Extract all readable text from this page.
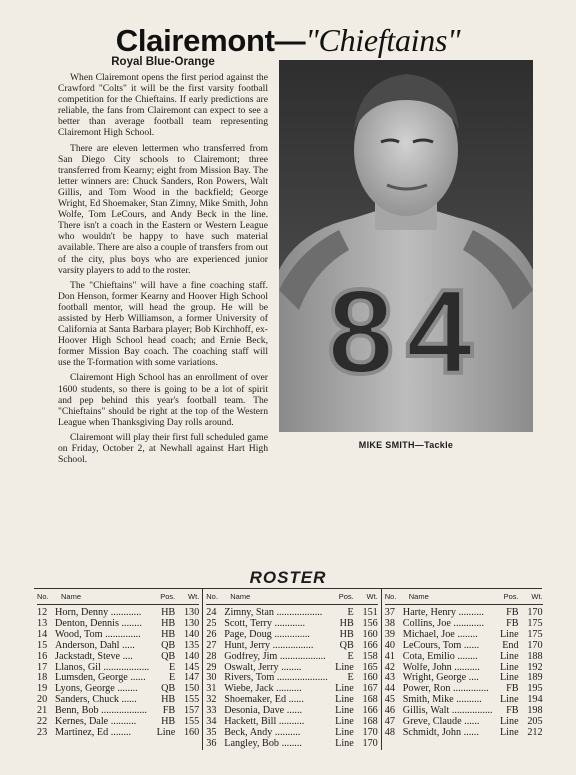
Clairemont—"Chieftains"
Royal Blue-Orange

When Clairemont opens the first period against the Crawford "Colts" it will be the first varsity football competition for the Chieftains. If early predictions are reliable, the fans from Clairemont can expect to see a better than average football team representing Clairemont High School.

There are eleven lettermen who transferred from San Diego City schools to Clairemont; three transferred from Kearny; eight from Mission Bay. The letter winners are: Chuck Sanders, Ron Powers, Walt Gillis, and Tom Wood in the backfield; George Wright, Ed Shoemaker, Stan Zimny, Mike Smith, John Wolfe, Tom LeCours, and Andy Beck in the line. There isn't a coach in the Eastern or Western League who wouldn't be happy to have such material available. There are also a couple of transfers from out of the city, plus boys who are experienced junior varsity players to add to the roster.

The "Chieftains" will have a fine coaching staff. Don Henson, former Kearny and Hoover High School football mentor, will head the group. He will be assisted by Herb Williamson, a former University of California at Santa Barbara player; Bob Kirchhoff, ex-Hoover High School head coach; and Ernie Beck, former Mission Bay coach. The coaching staff will use the T-formation with some variations.

Clairemont High School has an enrollment of over 1600 students, so there is going to be a lot of spirit and pep behind this year's football team. The "Chieftains" should be right at the top of the Western League when Thanksgiving Day rolls around.

Clairemont will play their first full scheduled game on Friday, October 2, at Newhall against Hart High School.

84
MIKE SMITH—Tackle
ROSTER
No.	Name	Pos.	Wt.
12 Horn, Denny ............	HB 130
13 Denton, Dennis ........	HB 130
14 Wood, Tom ..............	HB 140
15 Anderson, Dahl .....	QB 135
16 Jackstadt, Steve ....	QB 140
17 Llanos, Gil ..................	E 145
18 Lumsden, George ......	E 147
19 Lyons, George ........	QB 150
20 Sanders, Chuck ......	HB 155
21 Benn, Bob ..................	FB 157
22 Kernes, Dale ..........	HB 155
23 Martinez, Ed ........	Line 160
No.	Name	Pos.	Wt.
24 Zimny, Stan ..................	E 151
25 Scott, Terry ............	HB 156
26 Page, Doug ..............	HB 160
27 Hunt, Jerry ................	QB 166
28 Godfrey, Jim ..................	E 158
29 Oswalt, Jerry ........	Line 165
30 Rivers, Tom ....................	E 160
31 Wiebe, Jack ..........	Line 167
32 Shoemaker, Ed ......	Line 168
33 Desonia, Dave ......	Line 166
34 Hackett, Bill ..........	Line 168
35 Beck, Andy ..........	Line 170
36 Langley, Bob ........	Line 170
No.	Name	Pos.	Wt.
37 Harte, Henry ..........	FB 170
38 Collins, Joe ............	FB 175
39 Michael, Joe ........	Line 175
40 LeCours, Tom ......	End 170
41 Cota, Emilio ........	Line 188
42 Wolfe, John ..........	Line 192
43 Wright, George ....	Line 189
44 Power, Ron ..............	FB 195
45 Smith, Mike ..........	Line 194
46 Gillis, Walt ................	FB 198
47 Greve, Claude ......	Line 205
48 Schmidt, John ......	Line 212
